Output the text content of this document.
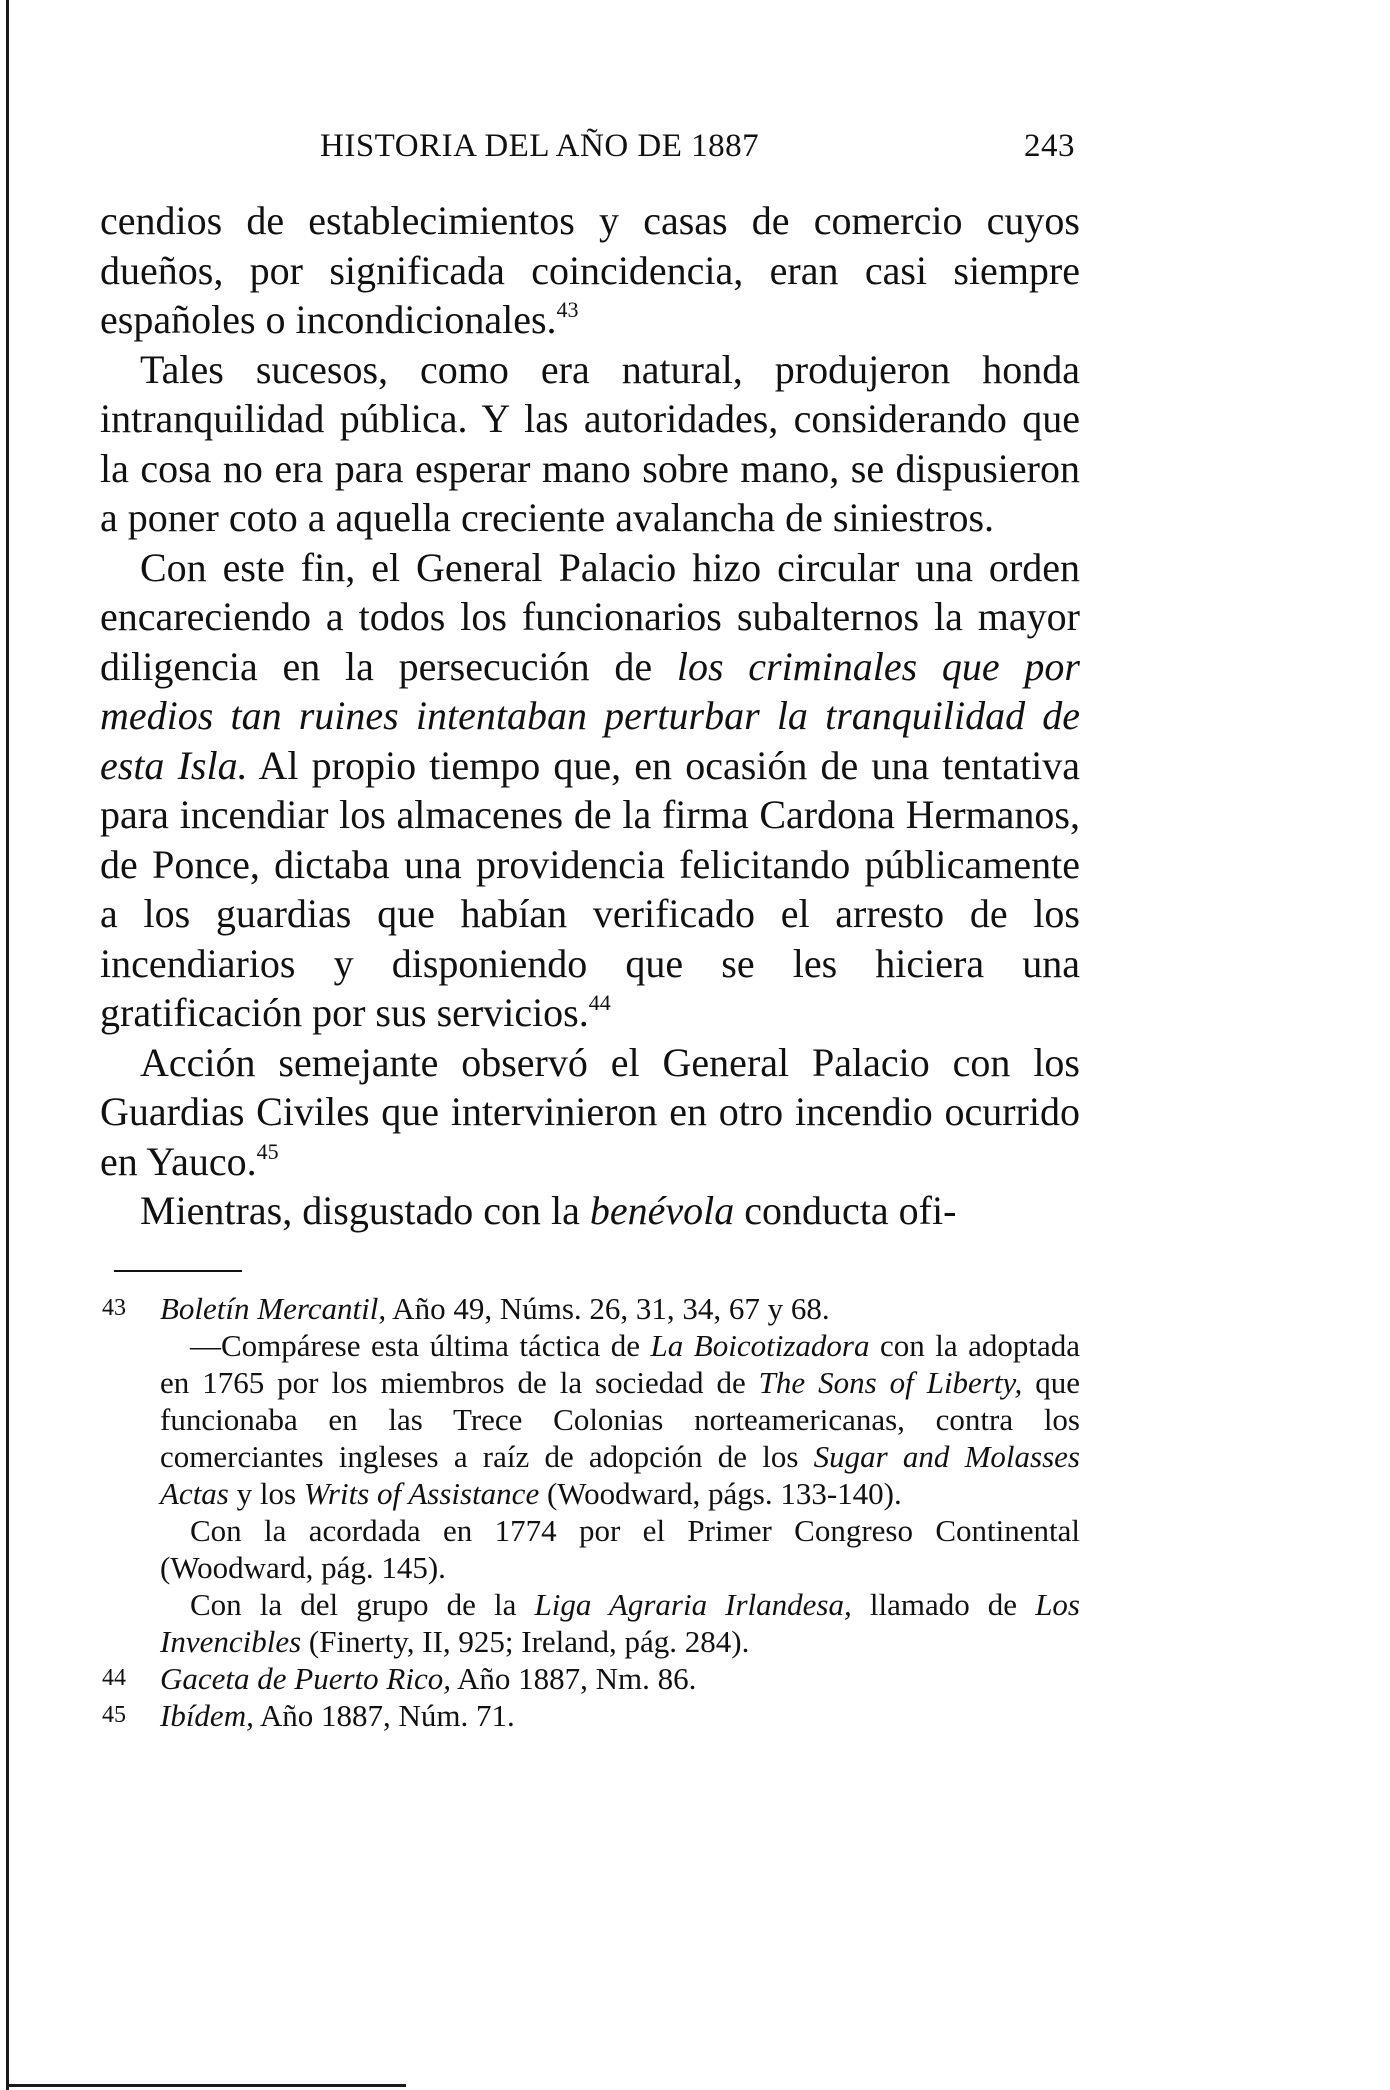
HISTORIA DEL AÑO DE 1887	243

cendios de establecimientos y casas de comercio cuyos dueños, por significada coincidencia, eran casi siempre españoles o incondicionales.$^{43}$

Tales sucesos, como era natural, produjeron honda intranquilidad pública. Y las autoridades, considerando que la cosa no era para esperar mano sobre mano, se dispusieron a poner coto a aquella creciente avalancha de siniestros.

Con este fin, el General Palacio hizo circular una orden encareciendo a todos los funcionarios subalternos la mayor diligencia en la persecución de los criminales que por medios tan ruines intentaban perturbar la tranquilidad de esta Isla. Al propio tiempo que, en ocasión de una tentativa para incendiar los almacenes de la firma Cardona Hermanos, de Ponce, dictaba una providencia felicitando públicamente a los guardias que habían verificado el arresto de los incendiarios y disponiendo que se les hiciera una gratificación por sus servicios.$^{44}$

Acción semejante observó el General Palacio con los Guardias Civiles que intervinieron en otro incendio ocurrido en Yauco.$^{45}$

Mientras, disgustado con la benévola conducta ofi-

43 Boletín Mercantil, Año 49, Núms. 26, 31, 34, 67 y 68.
—Compárese esta última táctica de La Boicotizadora con la adoptada en 1765 por los miembros de la sociedad de The Sons of Liberty, que funcionaba en las Trece Colonias norteamericanas, contra los comerciantes ingleses a raíz de adopción de los Sugar and Molasses Actas y los Writs of Assistance (Woodward, págs. 133-140).
Con la acordada en 1774 por el Primer Congreso Continental (Woodward, pág. 145).
Con la del grupo de la Liga Agraria Irlandesa, llamado de Los Invencibles (Finerty, II, 925; Ireland, pág. 284).
44 Gaceta de Puerto Rico, Año 1887, Nm. 86.
45 Ibídem, Año 1887, Núm. 71.
